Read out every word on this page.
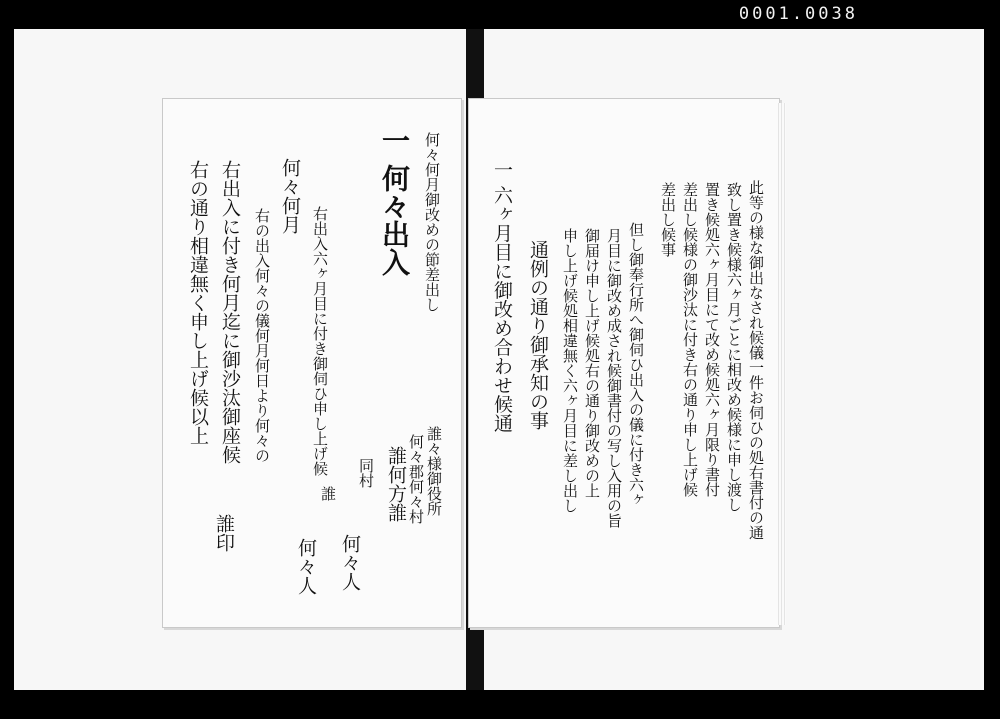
0001.0038
何々何月御改めの節差出し
一 何々出入
右出入六ヶ月目に付き御伺ひ申し上げ候
何々何月
右の出入何々の儀何月何日より何々の
右出入に付き何月迄に御沙汰御座候
右の通り相違無く申し上げ候以上
誰々様御役所
何々郡何々村
誰何方誰
同村
何々人
誰
何々人
誰印	此等の様な御出なされ候儀一件お伺ひの処右書付の通
致し置き候様六ヶ月ごとに相改め候様に申し渡し
置き候処六ヶ月目にて改め候処六ヶ月限り書付
差出し候様の御沙汰に付き右の通り申し上げ候
差出し候事
但し御奉行所へ御伺ひ出入の儀に付き六ヶ
月目に御改め成され候御書付の写し入用の旨
御届け申し上げ候処右の通り御改めの上
申し上げ候処相違無く六ヶ月目に差し出し
通例の通り御承知の事
一 六ヶ月目に御改め合わせ候通
